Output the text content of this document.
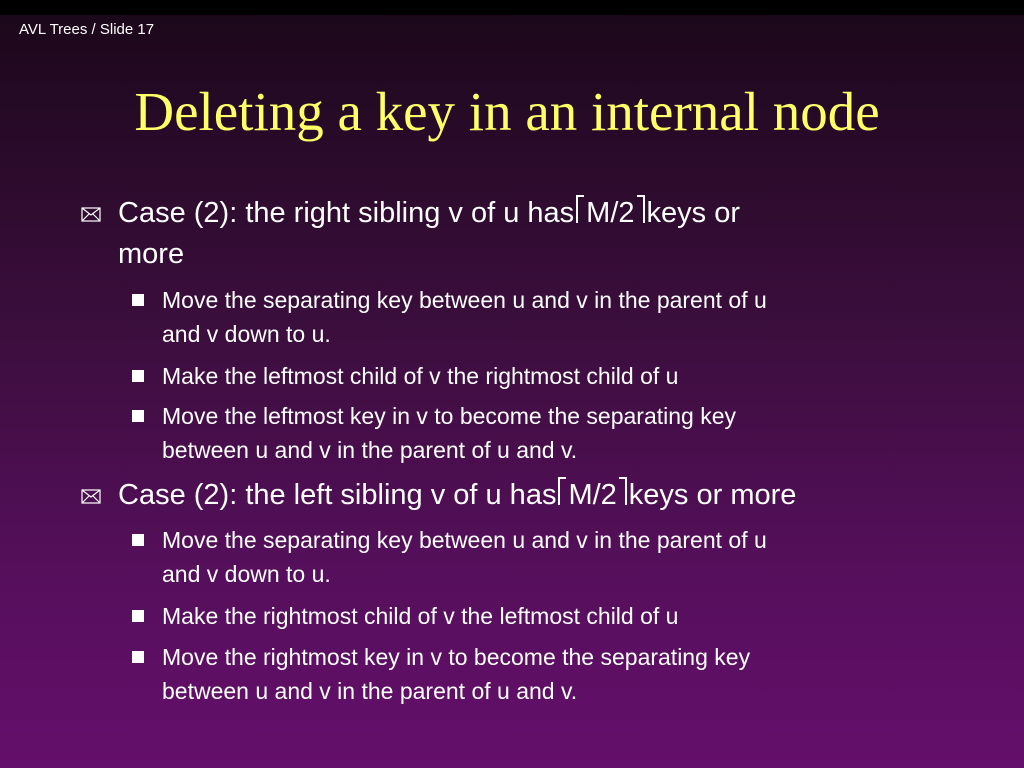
AVL Trees / Slide 17
Deleting a key in an internal node
Case (2): the right sibling v of u has M/2 keys or
more
Move the separating key between u and v in the parent of u
and v down to u.
Make the leftmost child of v the rightmost child of u
Move the leftmost key in v to become the separating key
between u and v in the parent of u and v.
Case (2): the left sibling v of u has M/2 keys or more
Move the separating key between u and v in the parent of u
and v down to u.
Make the rightmost child of v the leftmost child of u
Move the rightmost key in v to become the separating key
between u and v in the parent of u and v.
